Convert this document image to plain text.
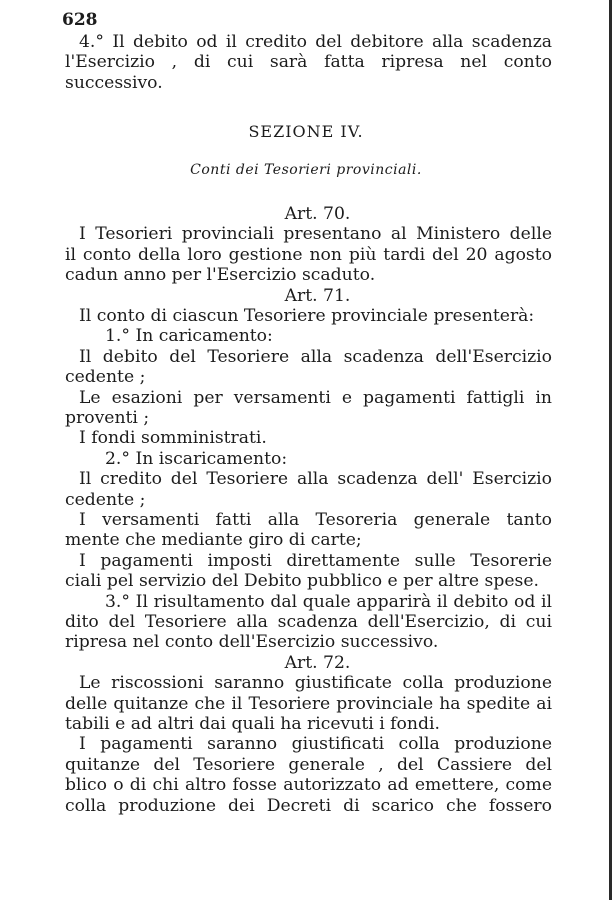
628
4.° Il debito od il credito del debitore alla scadenza
l'Esercizio , di cui sarà fatta ripresa nel conto
successivo.
SEZIONE IV.
Conti dei Tesorieri provinciali.
Art. 70.
I Tesorieri provinciali presentano al Ministero delle
il conto della loro gestione non più tardi del 20 agosto
cadun anno per l'Esercizio scaduto.
Art. 71.
Il conto di ciascun Tesoriere provinciale presenterà:
1.° In caricamento:
Il debito del Tesoriere alla scadenza dell'Esercizio
cedente ;
Le esazioni per versamenti e pagamenti fattigli in
proventi ;
I fondi somministrati.
2.° In iscaricamento:
Il credito del Tesoriere alla scadenza dell' Esercizio
cedente ;
I versamenti fatti alla Tesoreria generale tanto
mente che mediante giro di carte;
I pagamenti imposti direttamente sulle Tesorerie
ciali pel servizio del Debito pubblico e per altre spese.
3.° Il risultamento dal quale apparirà il debito od il
dito del Tesoriere alla scadenza dell'Esercizio, di cui
ripresa nel conto dell'Esercizio successivo.
Art. 72.
Le riscossioni saranno giustificate colla produzione
delle quitanze che il Tesoriere provinciale ha spedite ai
tabili e ad altri dai quali ha ricevuti i fondi.
I pagamenti saranno giustificati colla produzione
quitanze del Tesoriere generale , del Cassiere del
blico o di chi altro fosse autorizzato ad emettere, come
colla produzione dei Decreti di scarico che fossero
